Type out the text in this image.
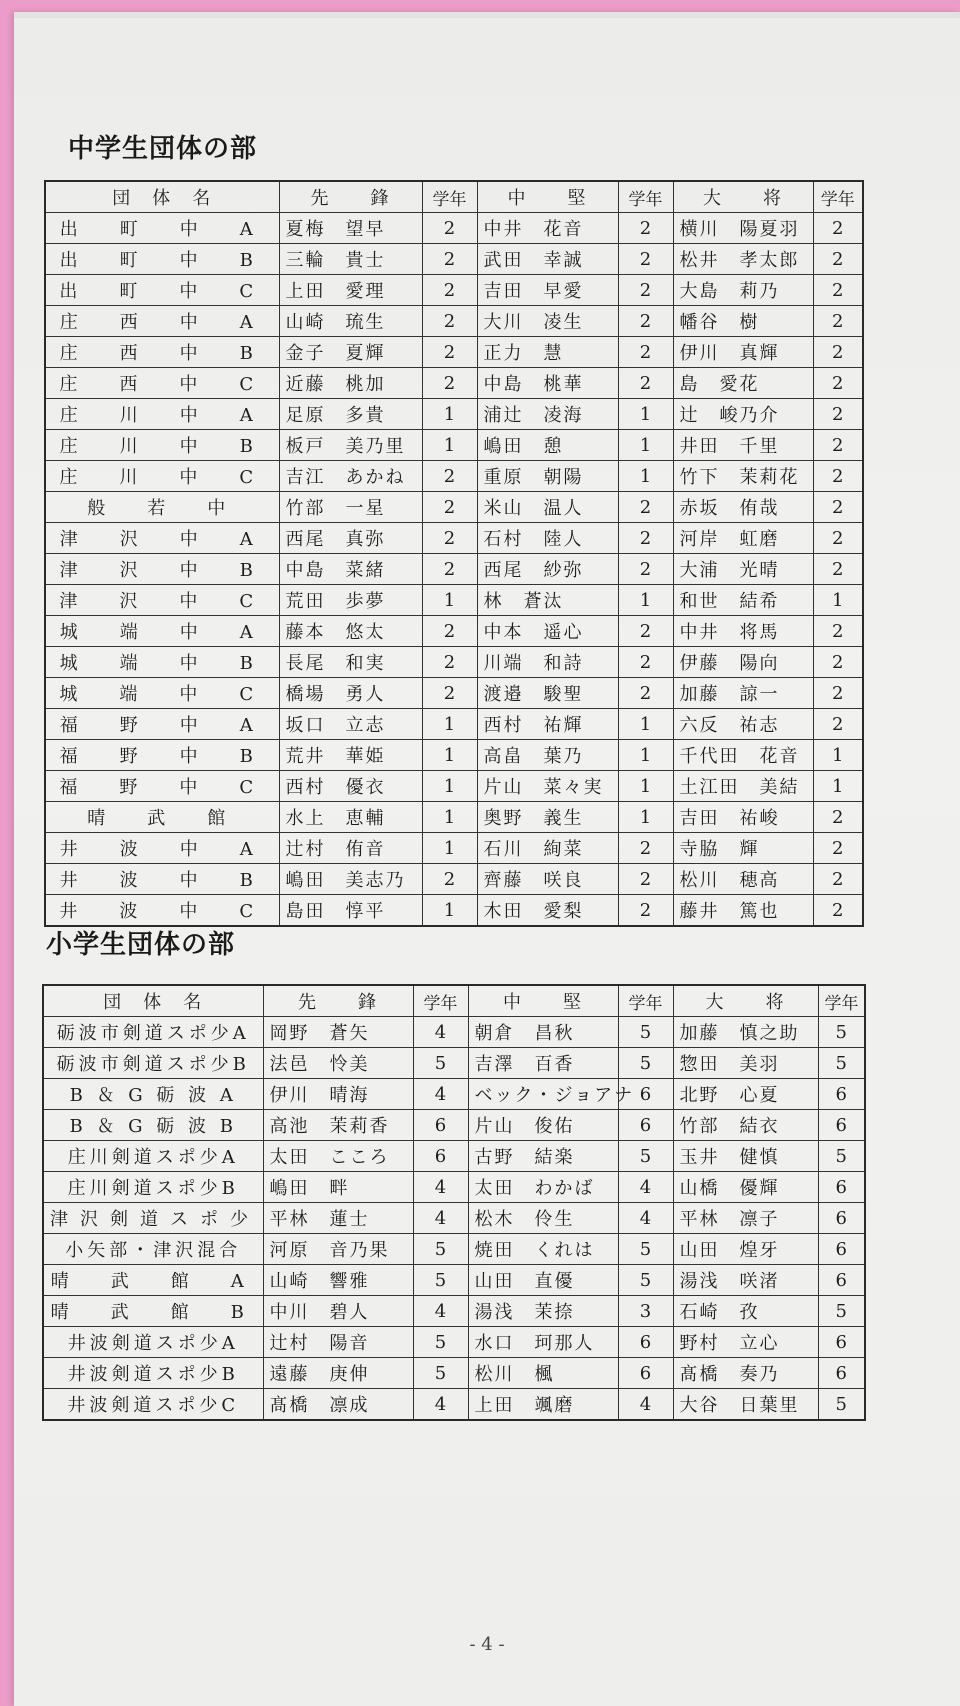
中学生団体の部
団　体　名	先　　鋒	学年	中　　堅	学年	大　　将	学年
出　町　中　A	夏梅　望早	2	中井　花音	2	横川　陽夏羽	2
出　町　中　B	三輪　貴士	2	武田　幸誠	2	松井　孝太郎	2
出　町　中　C	上田　愛理	2	吉田　早愛	2	大島　莉乃	2
庄　西　中　A	山崎　琉生	2	大川　凌生	2	幡谷　樹	2
庄　西　中　B	金子　夏輝	2	正力　慧	2	伊川　真輝	2
庄　西　中　C	近藤　桃加	2	中島　桃華	2	島　愛花	2
庄　川　中　A	足原　多貴	1	浦辻　凌海	1	辻　峻乃介	2
庄　川　中　B	板戸　美乃里	1	嶋田　憩	1	井田　千里	2
庄　川　中　C	吉江　あかね	2	重原　朝陽	1	竹下　茉莉花	2
般　若　中	竹部　一星	2	米山　温人	2	赤坂　侑哉	2
津　沢　中　A	西尾　真弥	2	石村　陸人	2	河岸　虹磨	2
津　沢　中　B	中島　菜緒	2	西尾　紗弥	2	大浦　光晴	2
津　沢　中　C	荒田　歩夢	1	林　蒼汰	1	和世　結希	1
城　端　中　A	藤本　悠太	2	中本　遥心	2	中井　将馬	2
城　端　中　B	長尾　和実	2	川端　和詩	2	伊藤　陽向	2
城　端　中　C	橋場　勇人	2	渡邉　駿聖	2	加藤　諒一	2
福　野　中　A	坂口　立志	1	西村　祐輝	1	六反　祐志	2
福　野　中　B	荒井　華姫	1	高畠　葉乃	1	千代田　花音	1
福　野　中　C	西村　優衣	1	片山　菜々実	1	土江田　美結	1
晴　武　館	水上　恵輔	1	奥野　義生	1	吉田　祐峻	2
井　波　中　A	辻村　侑音	1	石川　絢菜	2	寺脇　輝	2
井　波　中　B	嶋田　美志乃	2	齊藤　咲良	2	松川　穂高	2
井　波　中　C	島田　惇平	1	木田　愛梨	2	藤井　篤也	2
小学生団体の部
団　体　名	先　　鋒	学年	中　　堅	学年	大　　将	学年
砺波市剣道スポ少A	岡野　蒼矢	4	朝倉　昌秋	5	加藤　慎之助	5
砺波市剣道スポ少B	法邑　怜美	5	吉澤　百香	5	惣田　美羽	5
B ＆ G 砺 波 A	伊川　晴海	4	ベック・ジョアナ	6	北野　心夏	6
B ＆ G 砺 波 B	高池　茉莉香	6	片山　俊佑	6	竹部　結衣	6
庄川剣道スポ少A	太田　こころ	6	古野　結楽	5	玉井　健慎	5
庄川剣道スポ少B	嶋田　畔	4	太田　わかば	4	山橋　優輝	6
津沢剣道スポ少	平林　蓮士	4	松木　伶生	4	平林　凛子	6
小矢部・津沢混合	河原　音乃果	5	焼田　くれは	5	山田　煌牙	6
晴　武　館　A	山崎　響雅	5	山田　直優	5	湯浅　咲渚	6
晴　武　館　B	中川　碧人	4	湯浅　茉捺	3	石崎　孜	5
井波剣道スポ少A	辻村　陽音	5	水口　珂那人	6	野村　立心	6
井波剣道スポ少B	遠藤　庚伸	5	松川　楓	6	髙橋　奏乃	6
井波剣道スポ少C	髙橋　凛成	4	上田　颯磨	4	大谷　日葉里	5
- 4 -
